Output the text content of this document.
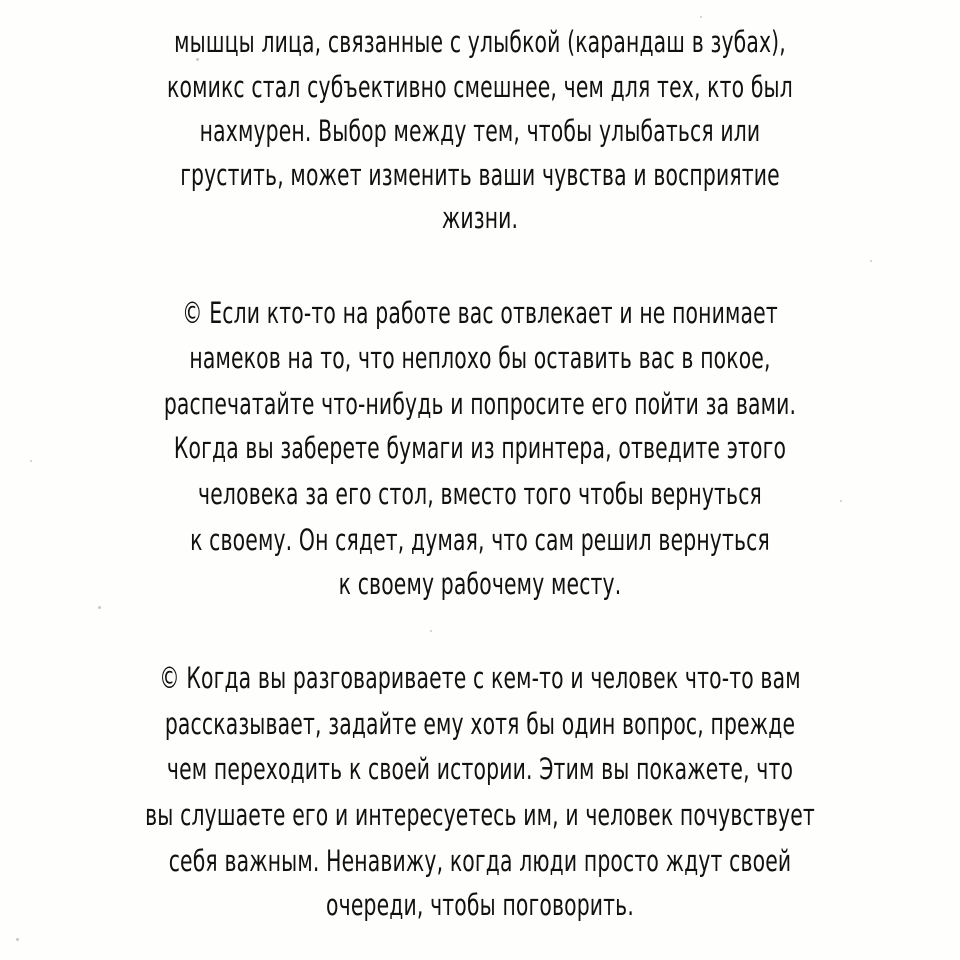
мышцы лица, связанные с улыбкой (карандаш в зубах),
комикс стал субъективно смешнее, чем для тех, кто был
нахмурен. Выбор между тем, чтобы улыбаться или
грустить, может изменить ваши чувства и восприятие
жизни.
© Если кто-то на работе вас отвлекает и не понимает
намеков на то, что неплохо бы оставить вас в покое,
распечатайте что-нибудь и попросите его пойти за вами.
Когда вы заберете бумаги из принтера, отведите этого
человека за его стол, вместо того чтобы вернуться
к своему. Он сядет, думая, что сам решил вернуться
к своему рабочему месту.
© Когда вы разговариваете с кем-то и человек что-то вам
рассказывает, задайте ему хотя бы один вопрос, прежде
чем переходить к своей истории. Этим вы покажете, что
вы слушаете его и интересуетесь им, и человек почувствует
себя важным. Ненавижу, когда люди просто ждут своей
очереди, чтобы поговорить.
